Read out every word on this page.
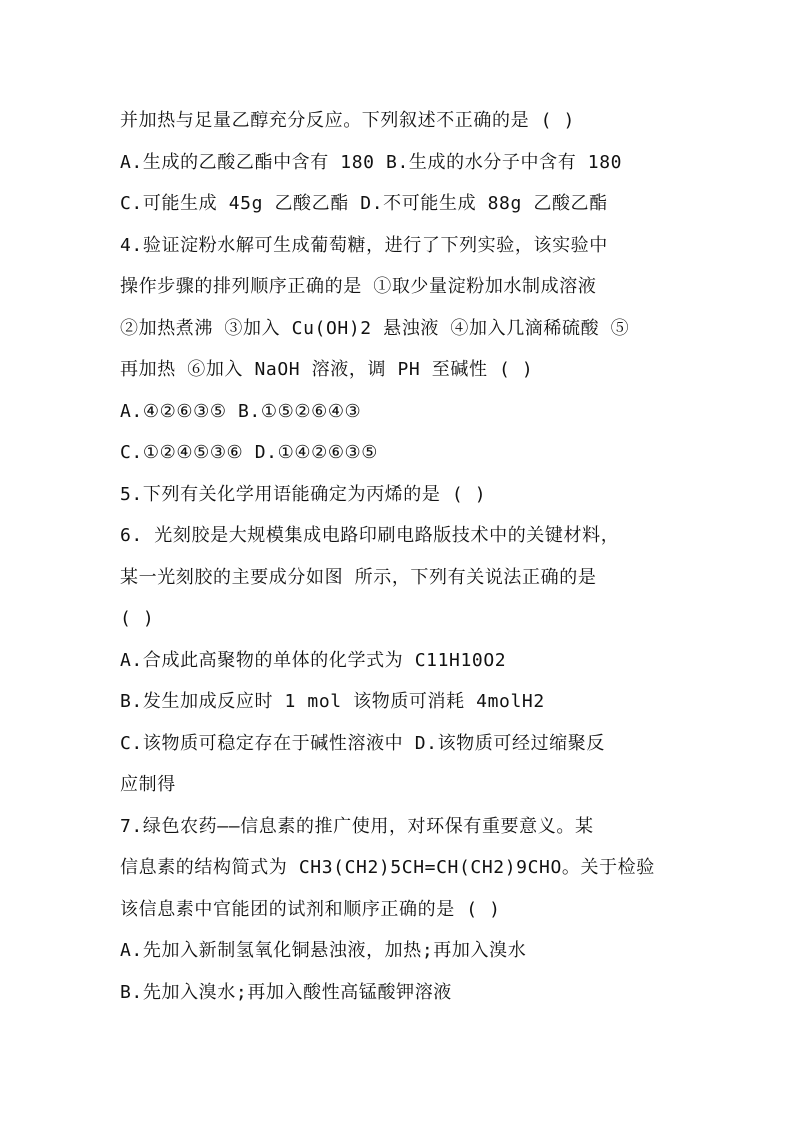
并加热与足量乙醇充分反应。下列叙述不正确的是 ( )
A.生成的乙酸乙酯中含有 180 B.生成的水分子中含有 180
C.可能生成 45g 乙酸乙酯 D.不可能生成 88g 乙酸乙酯
4.验证淀粉水解可生成葡萄糖，进行了下列实验，该实验中
操作步骤的排列顺序正确的是 ①取少量淀粉加水制成溶液
②加热煮沸 ③加入 Cu(OH)2 悬浊液 ④加入几滴稀硫酸 ⑤
再加热 ⑥加入 NaOH 溶液，调 PH 至碱性 ( )
A.④②⑥③⑤ B.①⑤②⑥④③
C.①②④⑤③⑥ D.①④②⑥③⑤
5.下列有关化学用语能确定为丙烯的是 ( )
6. 光刻胶是大规模集成电路印刷电路版技术中的关键材料，
某一光刻胶的主要成分如图 所示，下列有关说法正确的是
( )
A.合成此高聚物的单体的化学式为 C11H10O2
B.发生加成反应时 1 mol 该物质可消耗 4molH2
C.该物质可稳定存在于碱性溶液中 D.该物质可经过缩聚反
应制得
7.绿色农药——信息素的推广使用，对环保有重要意义。某
信息素的结构简式为 CH3(CH2)5CH=CH(CH2)9CHO。关于检验
该信息素中官能团的试剂和顺序正确的是 ( )
A.先加入新制氢氧化铜悬浊液，加热;再加入溴水
B.先加入溴水;再加入酸性高锰酸钾溶液
